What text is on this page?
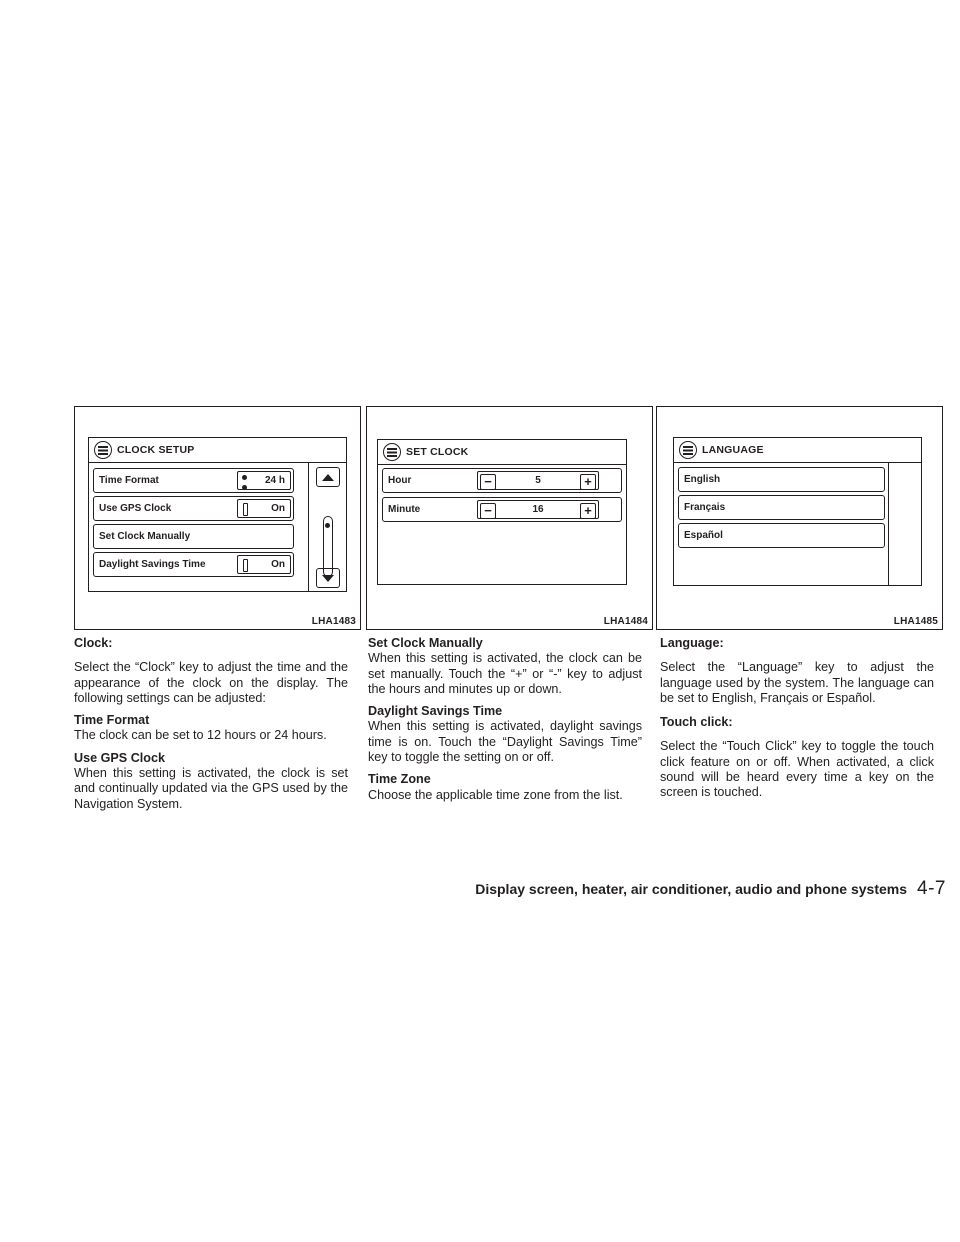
CLOCK SETUP
Time Format	24 h
Use GPS Clock	On
Set Clock Manually
Daylight Savings Time	On
LHA1483
SET CLOCK
Hour	−	5	+
Minute	−	16	+
LHA1484
LANGUAGE
English
Français
Español
LHA1485
Clock:

Select the “Clock” key to adjust the time and the appearance of the clock on the display. The following settings can be adjusted:

Time Format

The clock can be set to 12 hours or 24 hours.

Use GPS Clock

When this setting is activated, the clock is set and continually updated via the GPS used by the Navigation System.

Set Clock Manually

When this setting is activated, the clock can be set manually. Touch the “+” or “-” key to adjust the hours and minutes up or down.

Daylight Savings Time

When this setting is activated, daylight savings time is on. Touch the “Daylight Savings Time” key to toggle the setting on or off.

Time Zone

Choose the applicable time zone from the list.

Language:

Select the “Language” key to adjust the language used by the system. The language can be set to English, Français or Español.

Touch click:

Select the “Touch Click” key to toggle the touch click feature on or off. When activated, a click sound will be heard every time a key on the screen is touched.

Display screen, heater, air conditioner, audio and phone systems 4-7
